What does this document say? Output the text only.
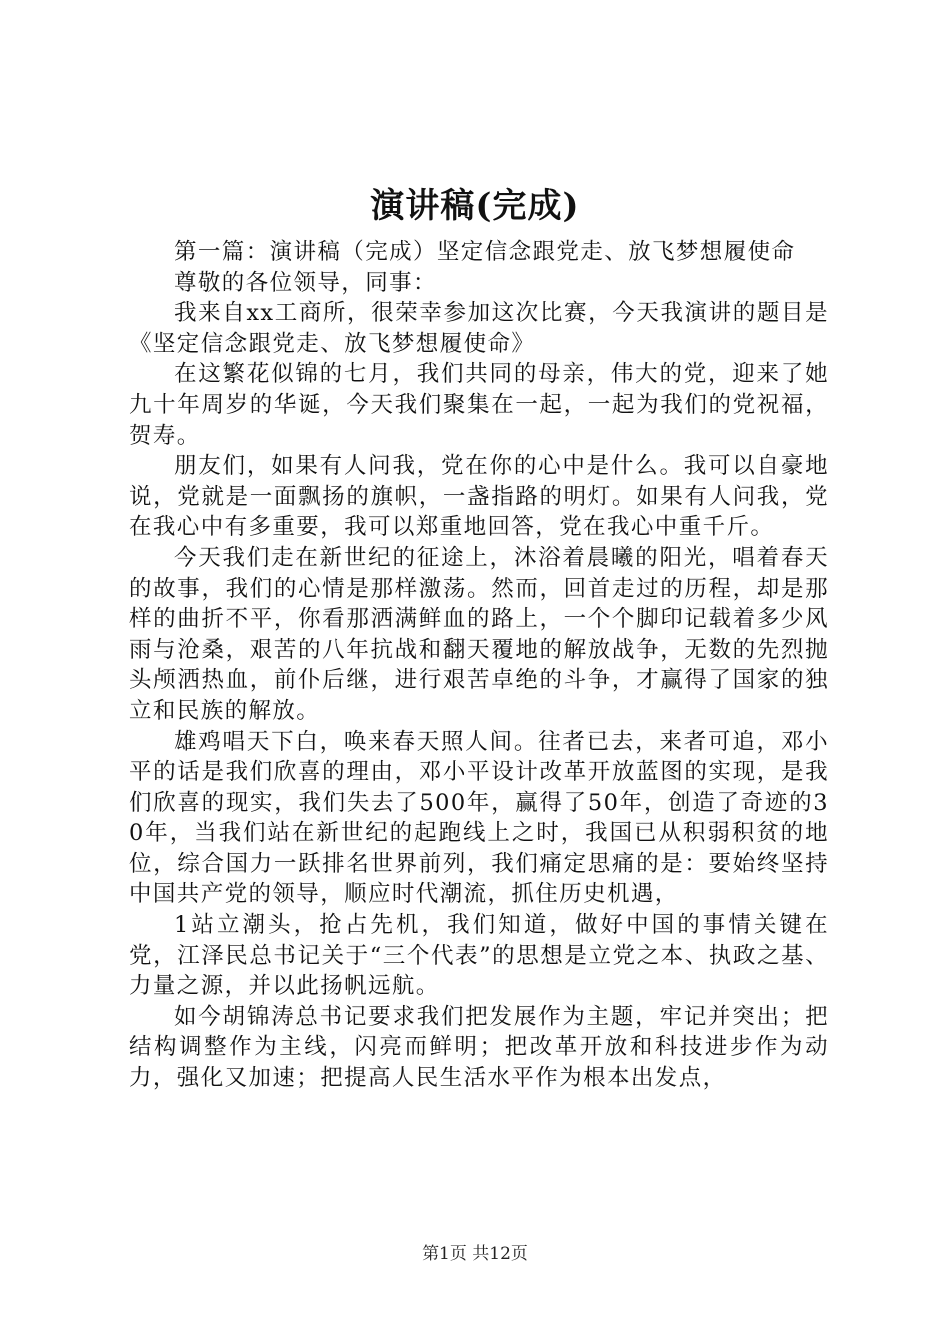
演讲稿(完成)

第一篇：演讲稿（完成）坚定信念跟党走、放飞梦想履使命

尊敬的各位领导，同事：

我来自xx工商所，很荣幸参加这次比赛，今天我演讲的题目是《坚定信念跟党走、放飞梦想履使命》

在这繁花似锦的七月，我们共同的母亲，伟大的党，迎来了她九十年周岁的华诞，今天我们聚集在一起，一起为我们的党祝福，贺寿。

朋友们，如果有人问我，党在你的心中是什么。我可以自豪地说，党就是一面飘扬的旗帜，一盏指路的明灯。如果有人问我，党在我心中有多重要，我可以郑重地回答，党在我心中重千斤。

今天我们走在新世纪的征途上，沐浴着晨曦的阳光，唱着春天的故事，我们的心情是那样激荡。然而，回首走过的历程，却是那样的曲折不平，你看那洒满鲜血的路上，一个个脚印记载着多少风雨与沧桑，艰苦的八年抗战和翻天覆地的解放战争，无数的先烈抛头颅洒热血，前仆后继，进行艰苦卓绝的斗争，才赢得了国家的独立和民族的解放。

雄鸡唱天下白，唤来春天照人间。往者已去，来者可追，邓小平的话是我们欣喜的理由，邓小平设计改革开放蓝图的实现，是我们欣喜的现实，我们失去了500年，赢得了50年，创造了奇迹的30年，当我们站在新世纪的起跑线上之时，我国已从积弱积贫的地位，综合国力一跃排名世界前列，我们痛定思痛的是：要始终坚持中国共产党的领导，顺应时代潮流，抓住历史机遇，

1站立潮头，抢占先机，我们知道，做好中国的事情关键在党，江泽民总书记关于“三个代表”的思想是立党之本、执政之基、力量之源，并以此扬帆远航。

如今胡锦涛总书记要求我们把发展作为主题，牢记并突出；把结构调整作为主线，闪亮而鲜明；把改革开放和科技进步作为动力，强化又加速；把提高人民生活水平作为根本出发点，

第1页 共12页
